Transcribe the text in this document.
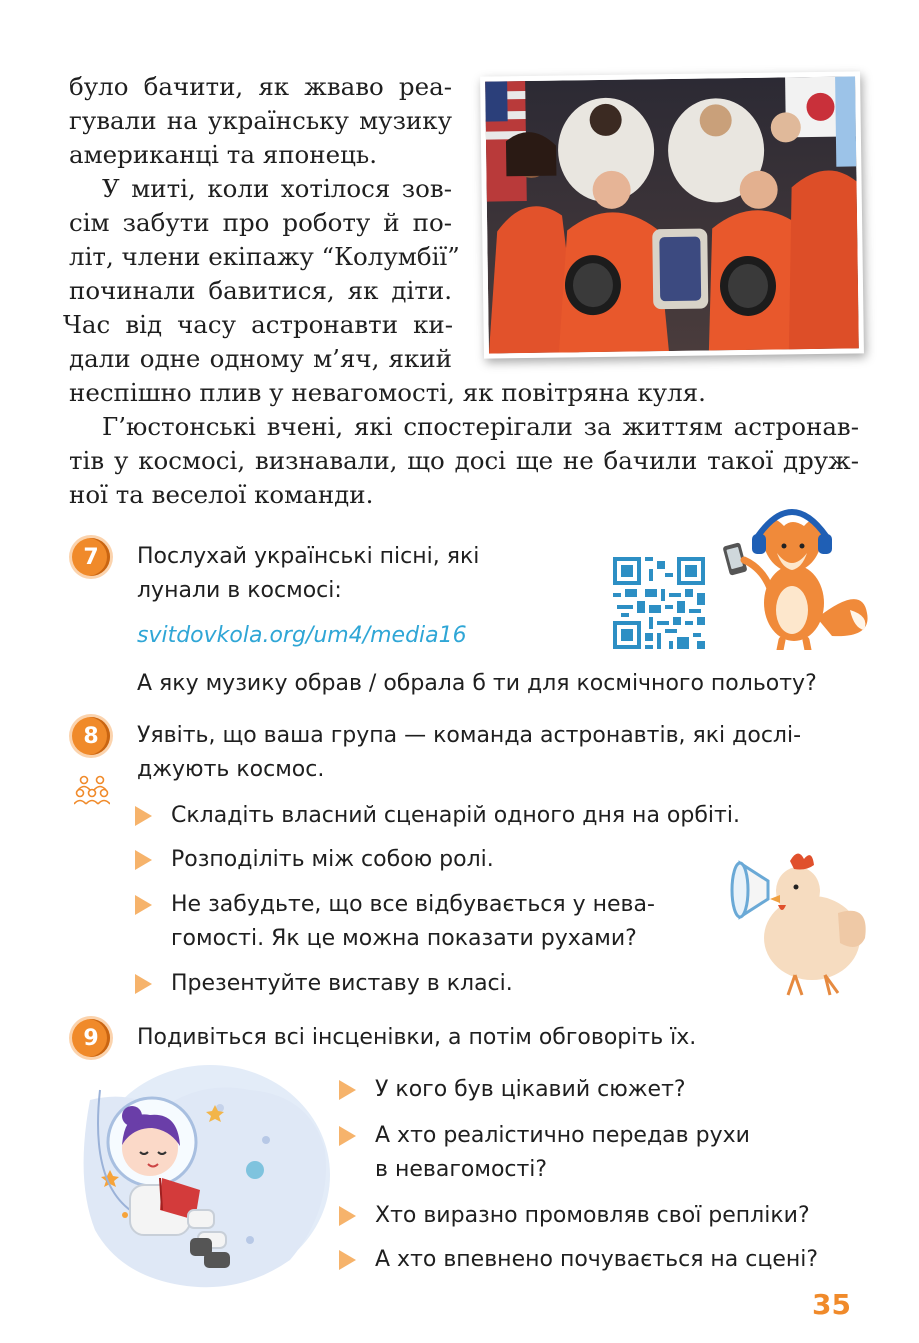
було бачити, як жваво реа-
гували на українську музику
американці та японець.
У миті, коли хотілося зов-
сім забути про роботу й по-
літ, члени екіпажу “Колумбії”
починали бавитися, як діти.
Час від часу астронавти ки-
дали одне одному м’яч, який
неспішно плив у невагомості, як повітряна куля.
Г’юстонські вчені, які спостерігали за життям астронав-
тів у космосі, визнавали, що досі ще не бачили такої друж-
ної та веселої команди.
7	Послухай українські пісні, які
лунали в космосі:
svitdovkola.org/um4/media16
А яку музику обрав / обрала б ти для космічного польоту?
8	Уявіть, що ваша група — команда астронавтів, які дослі-
джують космос.
Складіть власний сценарій одного дня на орбіті.
Розподіліть між собою ролі.
Не забудьте, що все відбувається у нева-
гомості. Як це можна показати рухами?
Презентуйте виставу в класі.
9	Подивіться всі інсценівки, а потім обговоріть їх.
У кого був цікавий сюжет?
А хто реалістично передав рухи
в невагомості?
Хто виразно промовляв свої репліки?
А хто впевнено почувається на сцені?
35
